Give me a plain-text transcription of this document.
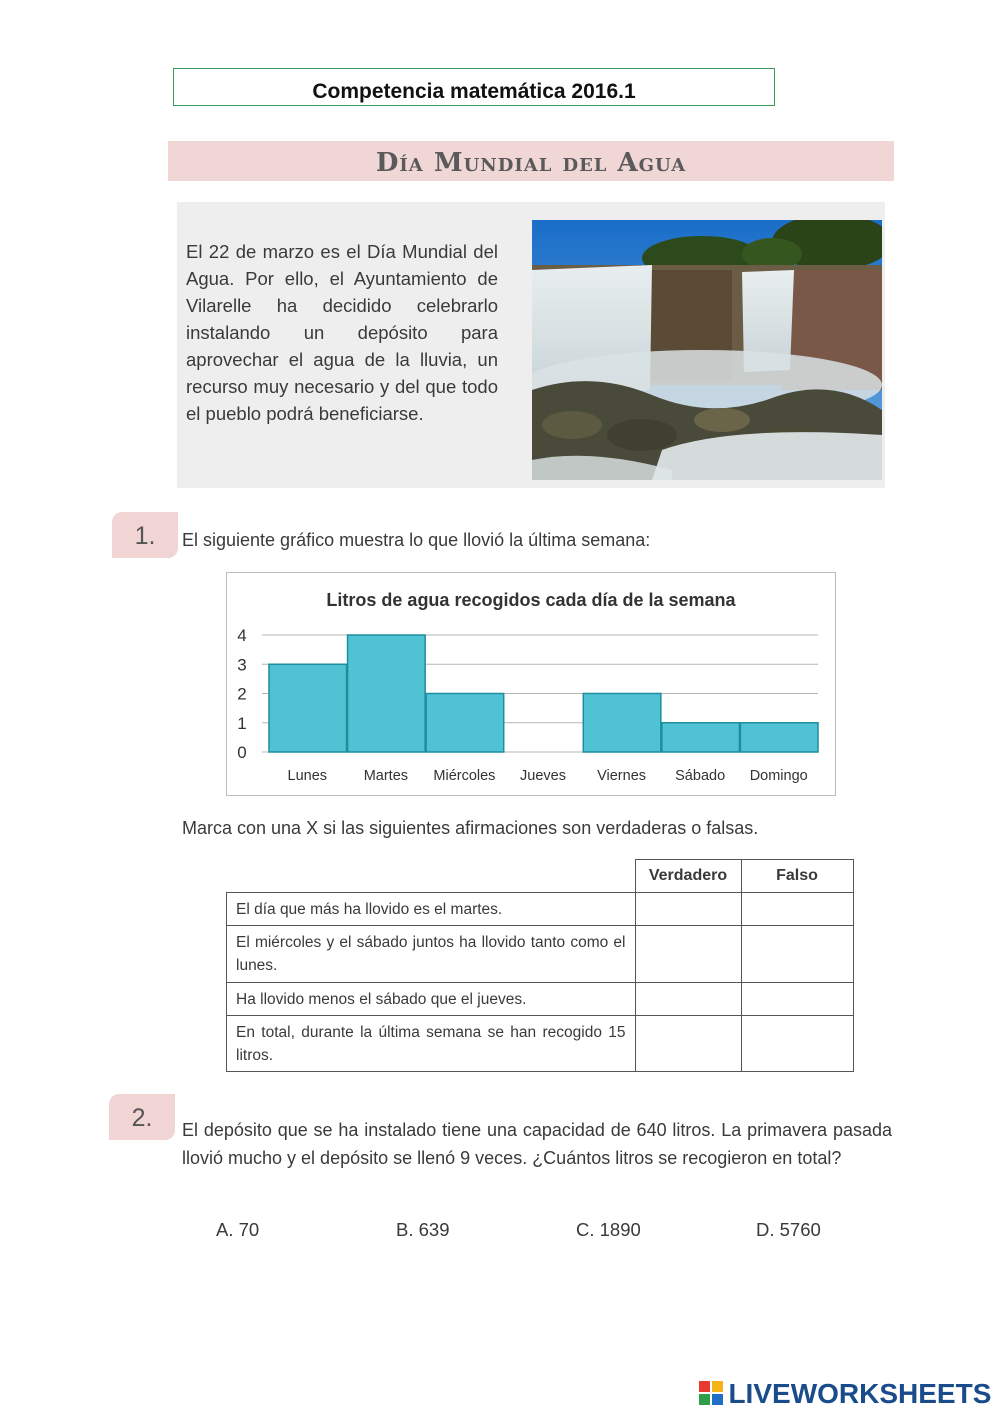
Competencia matemática 2016.1
Día Mundial del Agua
El 22 de marzo es el Día Mundial del Agua. Por ello, el Ayuntamiento de Vilarelle ha decidido celebrarlo instalando un depósito para aprovechar el agua de la lluvia, un recurso muy necesario y del que todo el pueblo podrá beneficiarse.
1.	El siguiente gráfico muestra lo que llovió la última semana:
Litros de agua recogidos cada día de la semana
0
1
2
3
4
Lunes	Martes Miércoles Jueves Viernes Sábado Domingo
Marca con una X si las siguientes afirmaciones son verdaderas o falsas.
	Verdadero	Falso
El día que más ha llovido es el martes.		
El miércoles y el sábado juntos ha llovido tanto como el lunes.		
Ha llovido menos el sábado que el jueves.		
En total, durante la última semana se han recogido 15 litros.		
2.	El depósito que se ha instalado tiene una capacidad de 640 litros. La primavera pasada llovió mucho y el depósito se llenó 9 veces. ¿Cuántos litros se recogieron en total?
A. 70	B. 639	C. 1890	D. 5760
LIVEWORKSHEETS
